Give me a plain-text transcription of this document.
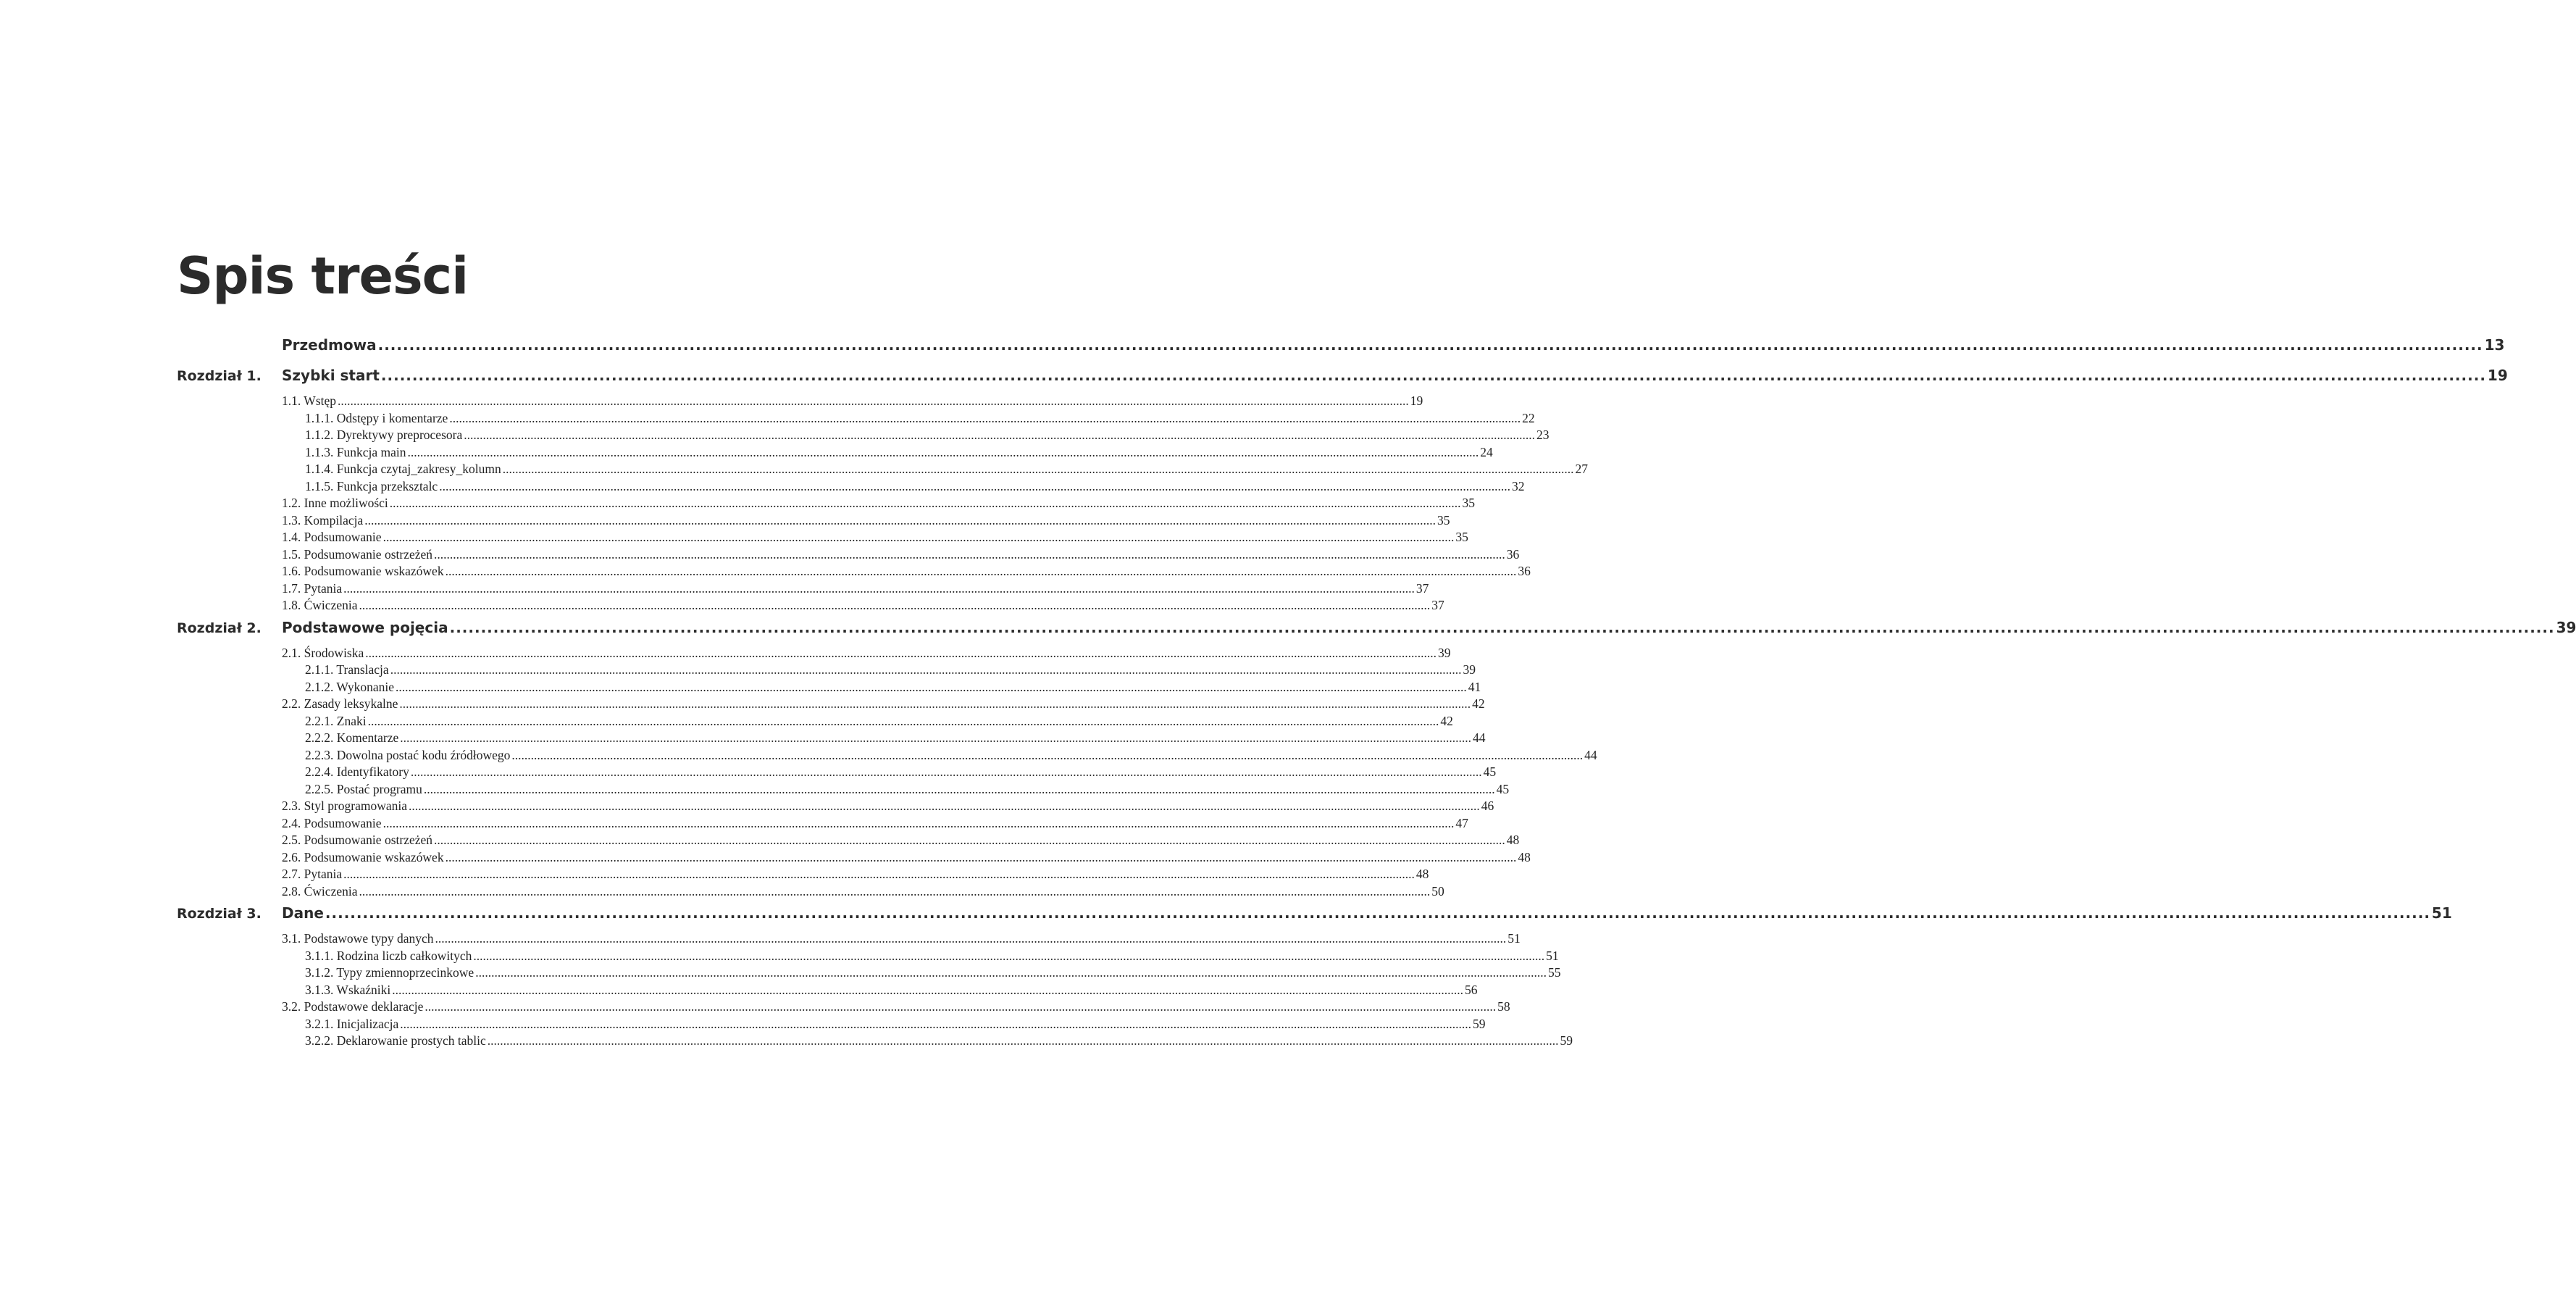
Spis treści
Przedmowa .....	13
Rozdział 1.	Szybki start .....	19
1.1. Wstęp .....	19
1.1.1. Odstępy i komentarze .....	22
1.1.2. Dyrektywy preprocesora .....	23
1.1.3. Funkcja main .....	24
1.1.4. Funkcja czytaj_zakresy_kolumn .....	27
1.1.5. Funkcja przeksztalc .....	32
1.2. Inne możliwości .....	35
1.3. Kompilacja .....	35
1.4. Podsumowanie .....	35
1.5. Podsumowanie ostrzeżeń .....	36
1.6. Podsumowanie wskazówek .....	36
1.7. Pytania .....	37
1.8. Ćwiczenia .....	37
Rozdział 2.	Podstawowe pojęcia .....	39
2.1. Środowiska .....	39
2.1.1. Translacja .....	39
2.1.2. Wykonanie .....	41
2.2. Zasady leksykalne .....	42
2.2.1. Znaki .....	42
2.2.2. Komentarze .....	44
2.2.3. Dowolna postać kodu źródłowego .....	44
2.2.4. Identyfikatory .....	45
2.2.5. Postać programu .....	45
2.3. Styl programowania .....	46
2.4. Podsumowanie .....	47
2.5. Podsumowanie ostrzeżeń .....	48
2.6. Podsumowanie wskazówek .....	48
2.7. Pytania .....	48
2.8. Ćwiczenia .....	50
Rozdział 3.	Dane .....	51
3.1. Podstawowe typy danych .....	51
3.1.1. Rodzina liczb całkowitych .....	51
3.1.2. Typy zmiennoprzecinkowe .....	55
3.1.3. Wskaźniki .....	56
3.2. Podstawowe deklaracje .....	58
3.2.1. Inicjalizacja .....	59
3.2.2. Deklarowanie prostych tablic .....	59
